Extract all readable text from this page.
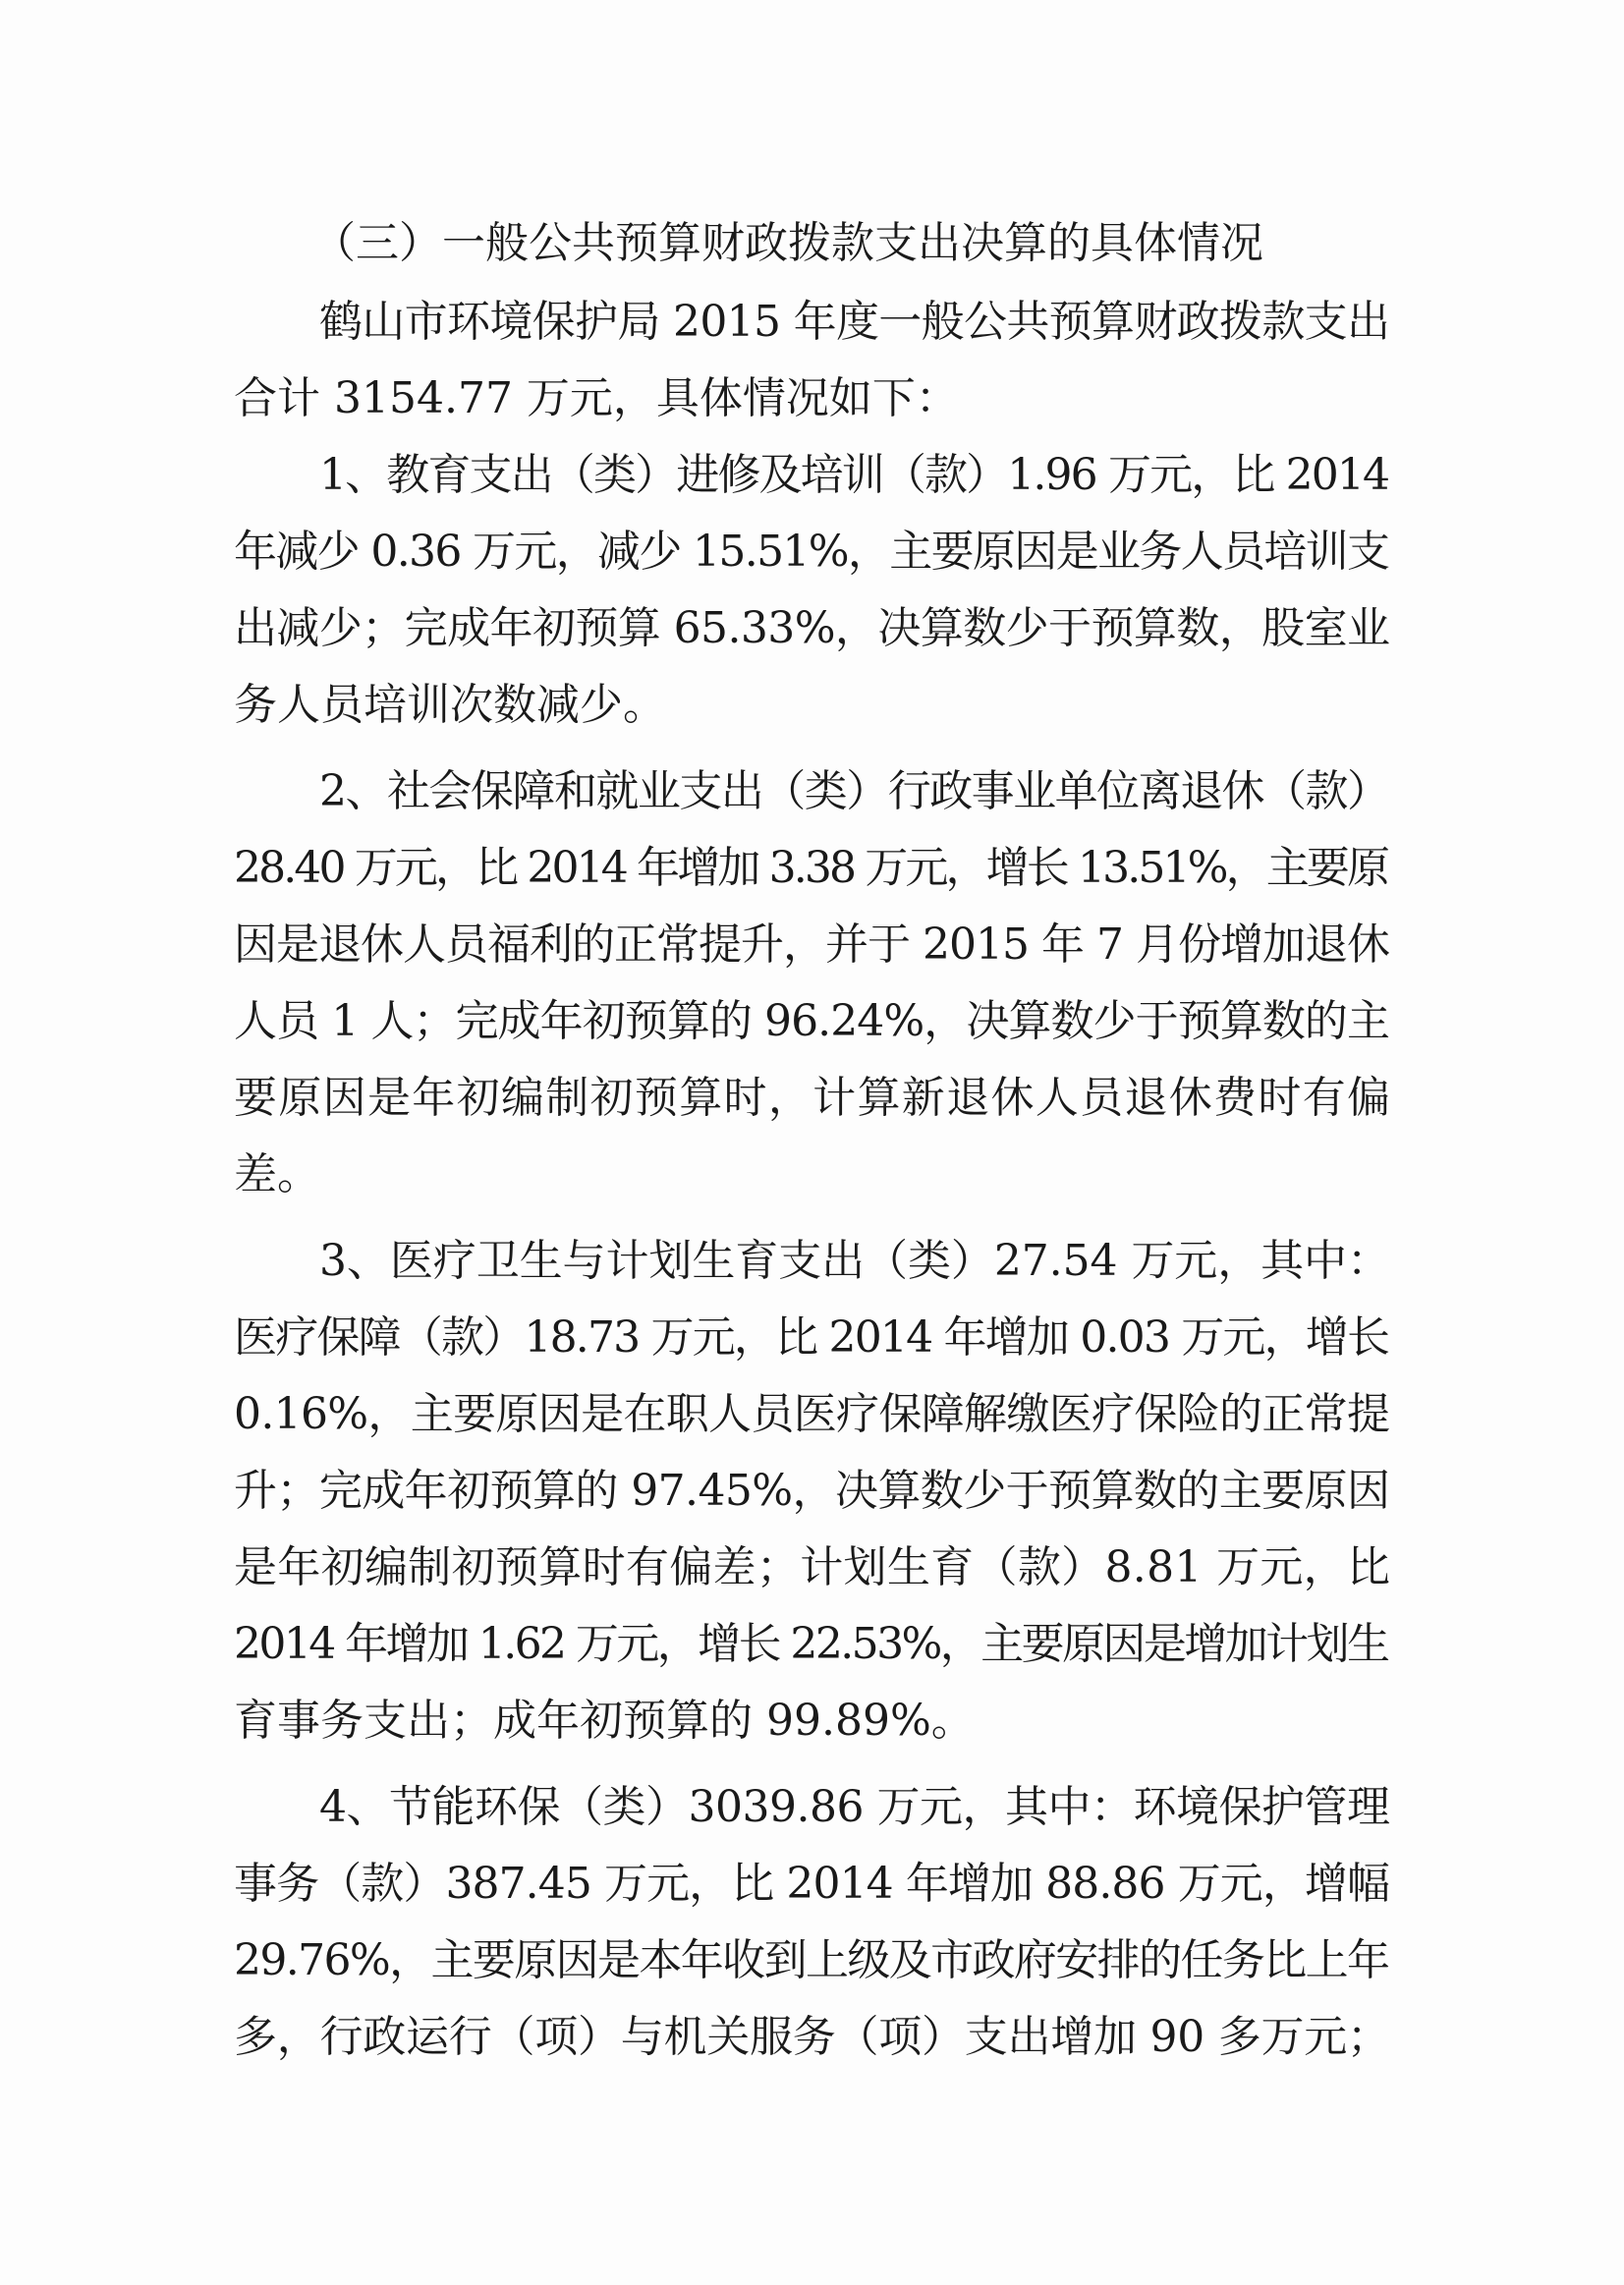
（三）一般公共预算财政拨款支出决算的具体情况
鹤山市环境保护局 2015 年度一般公共预算财政拨款支出
合计 3154.77 万元，具体情况如下：
1、教育支出（类）进修及培训（款）1.96 万元，比 2014
年减少 0.36 万元，减少 15.51%，主要原因是业务人员培训支
出减少；完成年初预算 65.33%，决算数少于预算数，股室业
务人员培训次数减少。
2、社会保障和就业支出（类）行政事业单位离退休（款）
28.40 万元，比 2014 年增加 3.38 万元，增长 13.51%，主要原
因是退休人员福利的正常提升，并于 2015 年 7 月份增加退休
人员 1 人；完成年初预算的 96.24%，决算数少于预算数的主
要原因是年初编制初预算时，计算新退休人员退休费时有偏
差。
3、医疗卫生与计划生育支出（类）27.54 万元，其中：
医疗保障（款）18.73 万元，比 2014 年增加 0.03 万元，增长
0.16%，主要原因是在职人员医疗保障解缴医疗保险的正常提
升；完成年初预算的 97.45%，决算数少于预算数的主要原因
是年初编制初预算时有偏差；计划生育（款）8.81 万元，比
2014 年增加 1.62 万元，增长 22.53%，主要原因是增加计划生
育事务支出；成年初预算的 99.89%。
4、节能环保（类）3039.86 万元，其中：环境保护管理
事务（款）387.45 万元，比 2014 年增加 88.86 万元，增幅
29.76%，主要原因是本年收到上级及市政府安排的任务比上年
多，行政运行（项）与机关服务（项）支出增加 90 多万元；
